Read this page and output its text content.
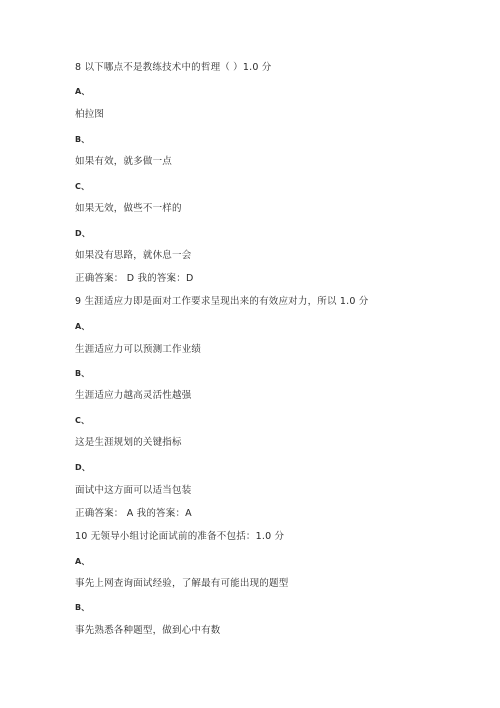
8 以下哪点不是教练技术中的哲理（ ）1.0 分
A、
柏拉图
B、
如果有效，就多做一点
C、
如果无效，做些不一样的
D、
如果没有思路，就休息一会
正确答案： D 我的答案：D
9 生涯适应力即是面对工作要求呈现出来的有效应对力，所以 1.0 分
A、
生涯适应力可以预测工作业绩
B、
生涯适应力越高灵活性越强
C、
这是生涯规划的关键指标
D、
面试中这方面可以适当包装
正确答案： A 我的答案：A
10 无领导小组讨论面试前的准备不包括：1.0 分
A、
事先上网查询面试经验，了解最有可能出现的题型
B、
事先熟悉各种题型，做到心中有数
